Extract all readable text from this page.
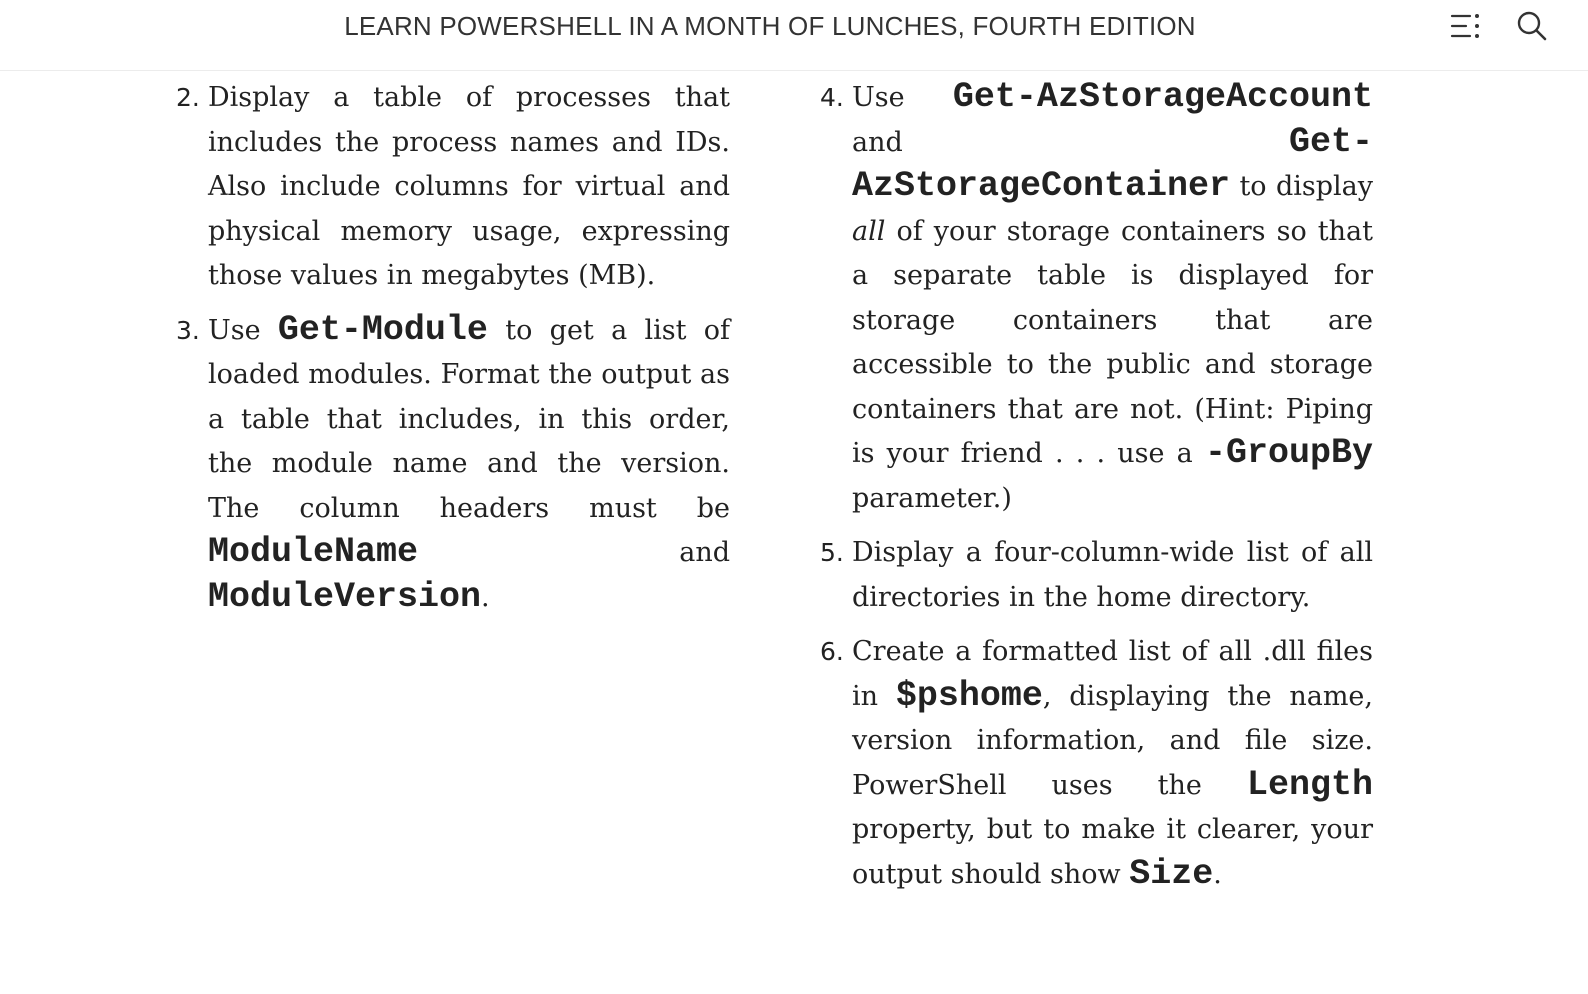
LEARN POWERSHELL IN A MONTH OF LUNCHES, FOURTH EDITION
2. Display a table of processes that includes the process names and IDs. Also include columns for virtual and physical memory usage, expressing those values in megabytes (MB).
3. Use Get-Module to get a list of loaded modules. Format the output as a table that includes, in this order, the module name and the version. The column headers must be ModuleName	and ModuleVersion.
4. Use Get-AzStorageAccount and	Get-AzStorageContainer to display all of your storage containers so that a separate table is displayed for storage containers that are accessible to the public and storage containers that are not. (Hint: Piping is your friend . . . use a -GroupBy parameter.)
5. Display a four-column-wide list of all directories in the home directory.
6. Create a formatted list of all .dll files in $pshome, displaying the name, version information, and file size. PowerShell uses the Length property, but to make it clearer, your output should show Size.
